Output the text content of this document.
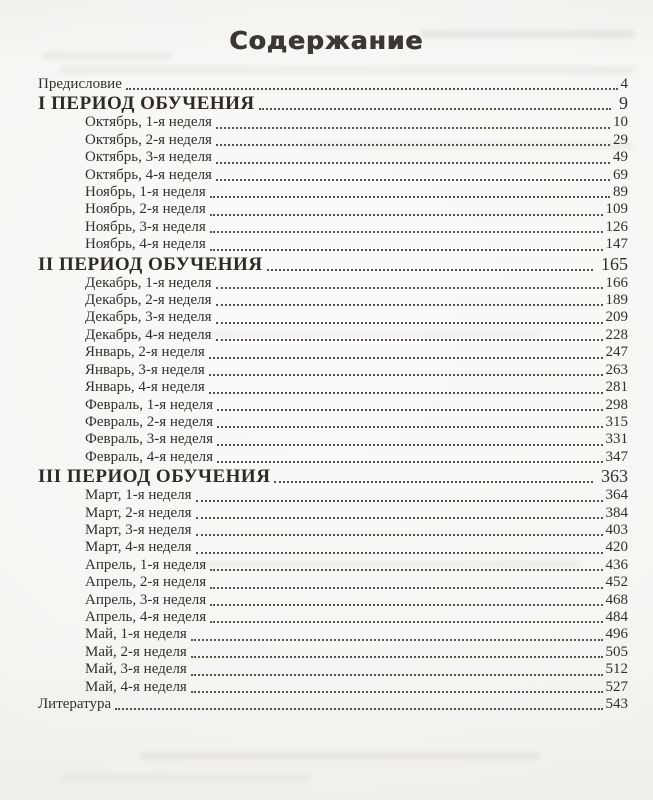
Содержание
Предисловие	4
I ПЕРИОД ОБУЧЕНИЯ	9
Октябрь, 1-я неделя	10
Октябрь, 2-я неделя	29
Октябрь, 3-я неделя	49
Октябрь, 4-я неделя	69
Ноябрь, 1-я неделя	89
Ноябрь, 2-я неделя	109
Ноябрь, 3-я неделя	126
Ноябрь, 4-я неделя	147
II ПЕРИОД ОБУЧЕНИЯ	165
Декабрь, 1-я неделя	166
Декабрь, 2-я неделя	189
Декабрь, 3-я неделя	209
Декабрь, 4-я неделя	228
Январь, 2-я неделя	247
Январь, 3-я неделя	263
Январь, 4-я неделя	281
Февраль, 1-я неделя	298
Февраль, 2-я неделя	315
Февраль, 3-я неделя	331
Февраль, 4-я неделя	347
III ПЕРИОД ОБУЧЕНИЯ	363
Март, 1-я неделя	364
Март, 2-я неделя	384
Март, 3-я неделя	403
Март, 4-я неделя	420
Апрель, 1-я неделя	436
Апрель, 2-я неделя	452
Апрель, 3-я неделя	468
Апрель, 4-я неделя	484
Май, 1-я неделя	496
Май, 2-я неделя	505
Май, 3-я неделя	512
Май, 4-я неделя	527
Литература	543
